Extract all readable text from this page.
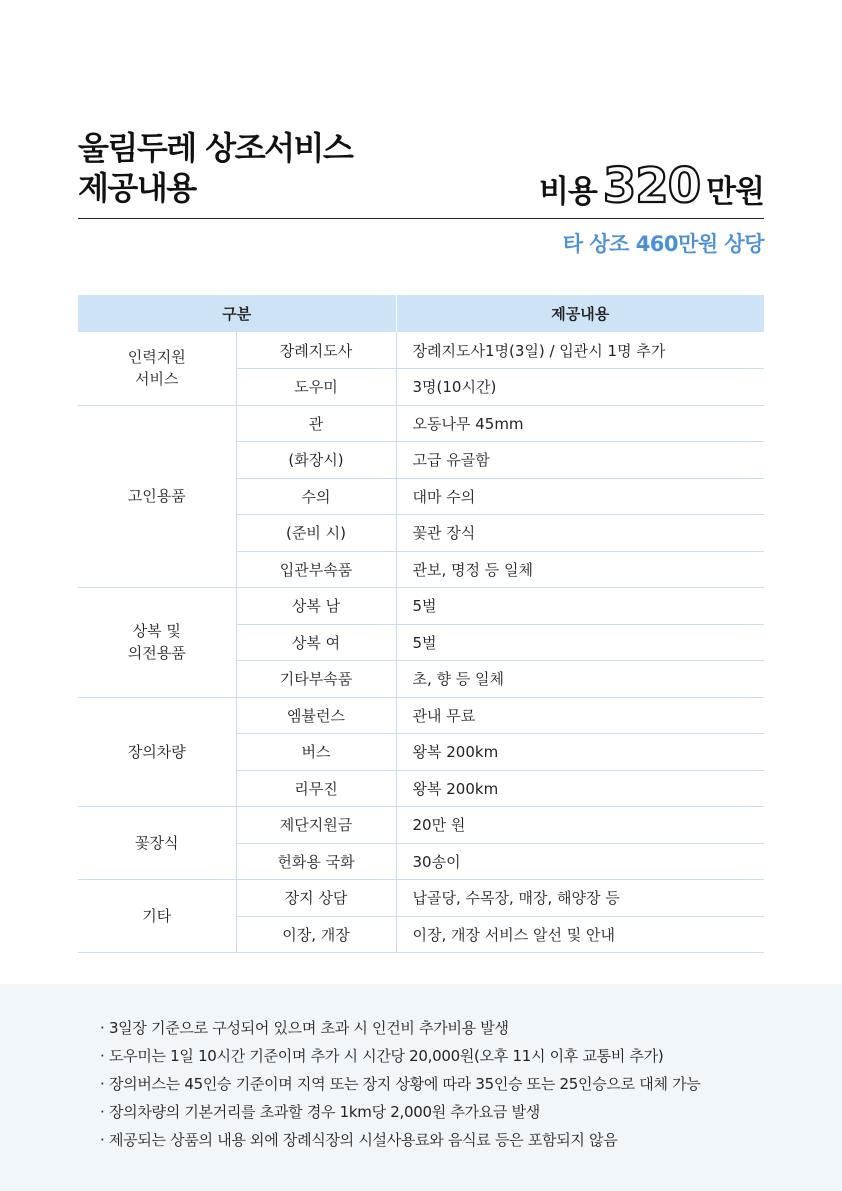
울림두레 상조서비스
제공내용	비용 320 만원
타 상조 460만원 상당
구분		제공내용

인력지원
서비스	장례지도사	장례지도사1명(3일) / 입관시 1명 추가
	도우미	3명(10시간)

고인용품	관	오동나무 45mm
	(화장시)	고급 유골함
	수의	대마 수의
	(준비 시)	꽃관 장식
	입관부속품	관보, 명정 등 일체

상복 및
의전용품	상복 남	5벌
	상복 여	5벌
	기타부속품	초, 향 등 일체

장의차량	엠뷸런스	관내 무료
	버스	왕복 200km
	리무진	왕복 200km

꽃장식	제단지원금	20만 원
	헌화용 국화	30송이

기타	장지 상담	납골당, 수목장, 매장, 해양장 등
	이장, 개장	이장, 개장 서비스 알선 및 안내
· 3일장 기준으로 구성되어 있으며 초과 시 인건비 추가비용 발생
· 도우미는 1일 10시간 기준이며 추가 시 시간당 20,000원(오후 11시 이후 교통비 추가)
· 장의버스는 45인승 기준이며 지역 또는 장지 상황에 따라 35인승 또는 25인승으로 대체 가능
· 장의차량의 기본거리를 초과할 경우 1km당 2,000원 추가요금 발생
· 제공되는 상품의 내용 외에 장례식장의 시설사용료와 음식료 등은 포함되지 않음
